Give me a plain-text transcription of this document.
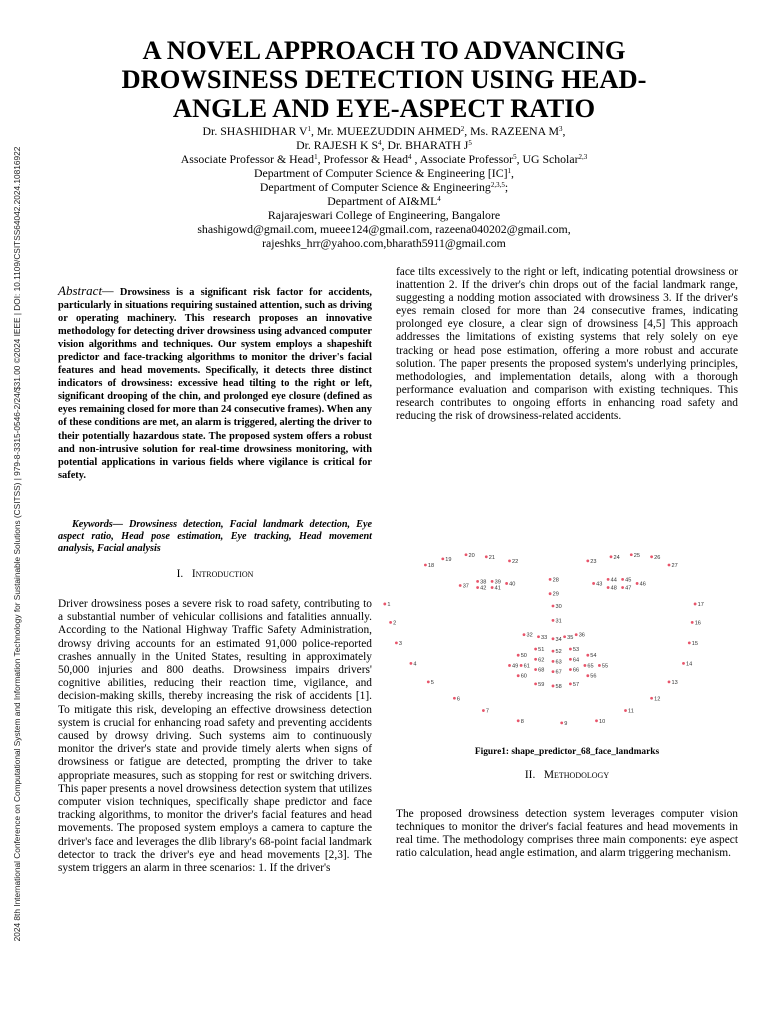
2024 8th International Conference on Computational System and Information Technology for Sustainable Solutions (CSITSS) | 979-8-3315-0546-2/24/$31.00 ©2024 IEEE | DOI: 10.1109/CSITSS64042.2024.10816922
A NOVEL APPROACH TO ADVANCING
DROWSINESS DETECTION USING HEAD-
ANGLE AND EYE-ASPECT RATIO
Dr. SHASHIDHAR $V^1$, Mr. MUEEZUDDIN AHMED$^2$, Ms. RAZEENA $M^3$,
Dr. RAJESH K $S^4$, Dr. BHARATH $J^5$
Associate Professor & Head$^1$, Professor & Head$^4$ , Associate Professor$^5$, UG Scholar$^{2,3}$
Department of Computer Science & Engineering [IC]$^1$,
Department of Computer Science & Engineering$^{2,3,5}$;
Department of $AI\&ML^4$
Rajarajeswari College of Engineering, Bangalore
shashigowd@gmail.com, mueee124@gmail.com, razeena040202@gmail.com,
rajeshks_hrr@yahoo.com,bharath5911@gmail.com

Abstract— Drowsiness is a significant risk factor for accidents, particularly in situations requiring sustained attention, such as driving or operating machinery. This research proposes an innovative methodology for detecting driver drowsiness using advanced computer vision algorithms and techniques. Our system employs a shapeshift predictor and face-tracking algorithms to monitor the driver's facial features and head movements. Specifically, it detects three distinct indicators of drowsiness: excessive head tilting to the right or left, significant drooping of the chin, and prolonged eye closure (defined as eyes remaining closed for more than 24 consecutive frames). When any of these conditions are met, an alarm is triggered, alerting the driver to their potentially hazardous state. The proposed system offers a robust and non-intrusive solution for real-time drowsiness monitoring, with potential applications in various fields where vigilance is critical for safety.

Keywords— Drowsiness detection, Facial landmark detection, Eye aspect ratio, Head pose estimation, Eye tracking, Head movement analysis, Facial analysis

I. Introduction

Driver drowsiness poses a severe risk to road safety, contributing to a substantial number of vehicular collisions and fatalities annually. According to the National Highway Traffic Safety Administration, drowsy driving accounts for an estimated 91,000 police-reported crashes annually in the United States, resulting in approximately 50,000 injuries and 800 deaths. Drowsiness impairs drivers' cognitive abilities, reducing their reaction time, vigilance, and decision-making skills, thereby increasing the risk of accidents [1]. To mitigate this risk, developing an effective drowsiness detection system is crucial for enhancing road safety and preventing accidents caused by drowsy driving. Such systems aim to continuously monitor the driver's state and provide timely alerts when signs of drowsiness or fatigue are detected, prompting the driver to take appropriate measures, such as stopping for rest or switching drivers. This paper presents a novel drowsiness detection system that utilizes computer vision techniques, specifically shape predictor and face tracking algorithms, to monitor the driver's facial features and head movements. The proposed system employs a camera to capture the driver's face and leverages the dlib library's 68-point facial landmark detector to track the driver's eye and head movements [2,3]. The system triggers an alarm in three scenarios: 1. If the driver's

face tilts excessively to the right or left, indicating potential drowsiness or inattention 2. If the driver's chin drops out of the facial landmark range, suggesting a nodding motion associated with drowsiness 3. If the driver's eyes remain closed for more than 24 consecutive frames, indicating prolonged eye closure, a clear sign of drowsiness [4,5] This approach addresses the limitations of existing systems that rely solely on eye tracking or head pose estimation, offering a more robust and accurate solution. The paper presents the proposed system's underlying principles, methodologies, and implementation details, along with a thorough performance evaluation and comparison with existing techniques. This research contributes to ongoing efforts in enhancing road safety and reducing the risk of drowsiness-related accidents.

1
2
3
4
5
6
7
8	9	10
11
12
13
14
15
16
17
18
19
20	21
22	23
24	25	26
27
28
29
30
31
32 33 34 35 36
37
38 39 40
41
42
43
44 45
46
47
48
49
50
51 52 53
54
55
56
57
58
59
60
61
62 63 64
65
66
67
68
Figure1: shape_predictor_68_face_landmarks
II. Methodology

The proposed drowsiness detection system leverages computer vision techniques to monitor the driver's facial features and head movements in real time. The methodology comprises three main components: eye aspect ratio calculation, head angle estimation, and alarm triggering mechanism.
